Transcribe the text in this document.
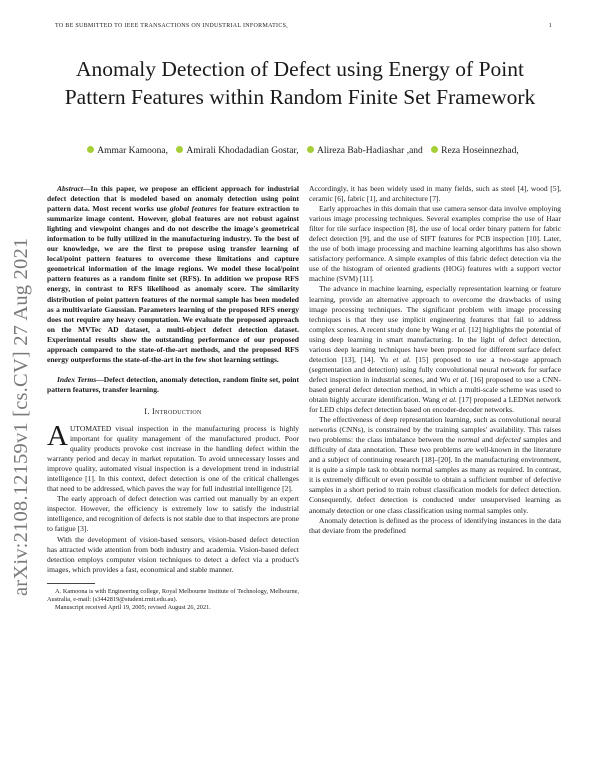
TO BE SUBMITTED TO IEEE TRANSACTIONS ON INDUSTRIAL INFORMATICS,	1
arXiv:2108.12159v1 [cs.CV] 27 Aug 2021
Anomaly Detection of Defect using Energy of Point Pattern Features within Random Finite Set Framework
Ammar Kamoona, Amirali Khodadadian Gostar, Alireza Bab-Hadiashar ,and Reza Hoseinnezhad,

Abstract—In this paper, we propose an efficient approach for industrial defect detection that is modeled based on anomaly detection using point pattern data. Most recent works use global features for feature extraction to summarize image content. However, global features are not robust against lighting and viewpoint changes and do not describe the image's geometrical information to be fully utilized in the manufacturing industry. To the best of our knowledge, we are the first to propose using transfer learning of local/point pattern features to overcome these limitations and capture geometrical information of the image regions. We model these local/point pattern features as a random finite set (RFS). In addition we propose RFS energy, in contrast to RFS likelihood as anomaly score. The similarity distribution of point pattern features of the normal sample has been modeled as a multivariate Gaussian. Parameters learning of the proposed RFS energy does not require any heavy computation. We evaluate the proposed approach on the MVTec AD dataset, a multi-object defect detection dataset. Experimental results show the outstanding performance of our proposed approach compared to the state-of-the-art methods, and the proposed RFS energy outperforms the state-of-the-art in the few shot learning settings.

Index Terms—Defect detection, anomaly detection, random finite set, point pattern features, transfer learning.

I. Introduction

AUTOMATED visual inspection in the manufacturing process is highly important for quality management of the manufactured product. Poor quality products provoke cost increase in the handling defect within the warranty period and decay in market reputation. To avoid unnecessary losses and improve quality, automated visual inspection is a development trend in industrial intelligence [1]. In this context, defect detection is one of the critical challenges that need to be addressed, which paves the way for full industrial intelligence [2].

The early approach of defect detection was carried out manually by an expert inspector. However, the efficiency is extremely low to satisfy the industrial intelligence, and recognition of defects is not stable due to that inspectors are prone to fatigue [3].

With the development of vision-based sensors, vision-based defect detection has attracted wide attention from both industry and academia. Vision-based defect detection employs computer vision techniques to detect a defect via a product's images, which provides a fast, economical and stable manner.

A. Kamoona is with Engineering college, Royal Melbourne Institute of Technology, Melbourne, Australia, e-mail: (s3442819@student.rmit.edu.au).

Manuscript received April 19, 2005; revised August 26, 2021.

Accordingly, it has been widely used in many fields, such as steel [4], wood [5], ceramic [6], fabric [1], and architecture [7].

Early approaches in this domain that use camera sensor data involve employing various image processing techniques. Several examples comprise the use of Haar filter for tile surface inspection [8], the use of local order binary pattern for fabric defect detection [9], and the use of SIFT features for PCB inspection [10]. Later, the use of both image processing and machine learning algorithms has also shown satisfactory performance. A simple examples of this fabric defect detection via the use of the histogram of oriented gradients (HOG) features with a support vector machine (SVM) [11].

The advance in machine learning, especially representation learning or feature learning, provide an alternative approach to overcome the drawbacks of using image processing techniques. The significant problem with image processing techniques is that they use implicit engineering features that fail to address complex scenes. A recent study done by Wang et al. [12] highlights the potential of using deep learning in smart manufacturing. In the light of defect detection, various deep learning techniques have been proposed for different surface defect detection [13], [14]. Yu et al. [15] proposed to use a two-stage approach (segmentation and detection) using fully convolutional neural network for surface defect inspection in industrial scenes, and Wu et al. [16] proposed to use a CNN-based general defect detection method, in which a multi-scale scheme was used to obtain highly accurate identification. Wang et al. [17] proposed a LEDNet network for LED chips defect detection based on encoder-decoder networks.

The effectiveness of deep representation learning, such as convolutional neural networks (CNNs), is constrained by the training samples' availability. This raises two problems: the class imbalance between the normal and defected samples and difficulty of data annotation. These two problems are well-known in the literature and a subject of continuing research [18]–[20]. In the manufacturing environment, it is quite a simple task to obtain normal samples as many as required. In contrast, it is extremely difficult or even possible to obtain a sufficient number of defective samples in a short period to train robust classification models for defect detection. Consequently, defect detection is conducted under unsupervised learning as anomaly detection or one class classification using normal samples only.

Anomaly detection is defined as the process of identifying instances in the data that deviate from the predefined
